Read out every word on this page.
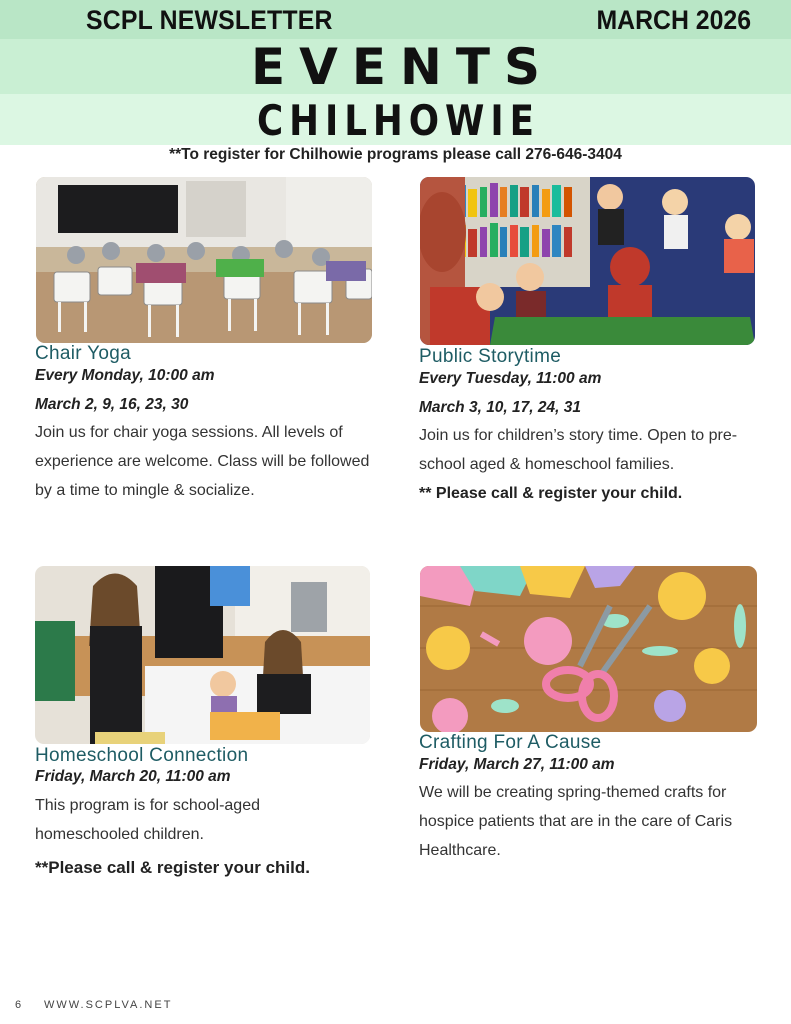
SCPL NEWSLETTER	MARCH 2026
EVENTS
CHILHOWIE
**To register for Chilhowie programs please call 276-646-3404
Chair Yoga
Every Monday, 10:00 am
March 2, 9, 16, 23, 30
Join us for chair yoga sessions. All levels of experience are welcome. Class will be followed by a time to mingle & socialize.
Public Storytime
Every Tuesday, 11:00 am
March 3, 10, 17, 24, 31
Join us for children’s story time. Open to pre-school aged & homeschool families.
** Please call & register your child.
Homeschool Connection
Friday, March 20, 11:00 am
This program is for school-aged homeschooled children.
**Please call & register your child.
Crafting For A Cause
Friday, March 27, 11:00 am
We will be creating spring-themed crafts for hospice patients that are in the care of Caris Healthcare.
6 WWW.SCPLVA.NET
